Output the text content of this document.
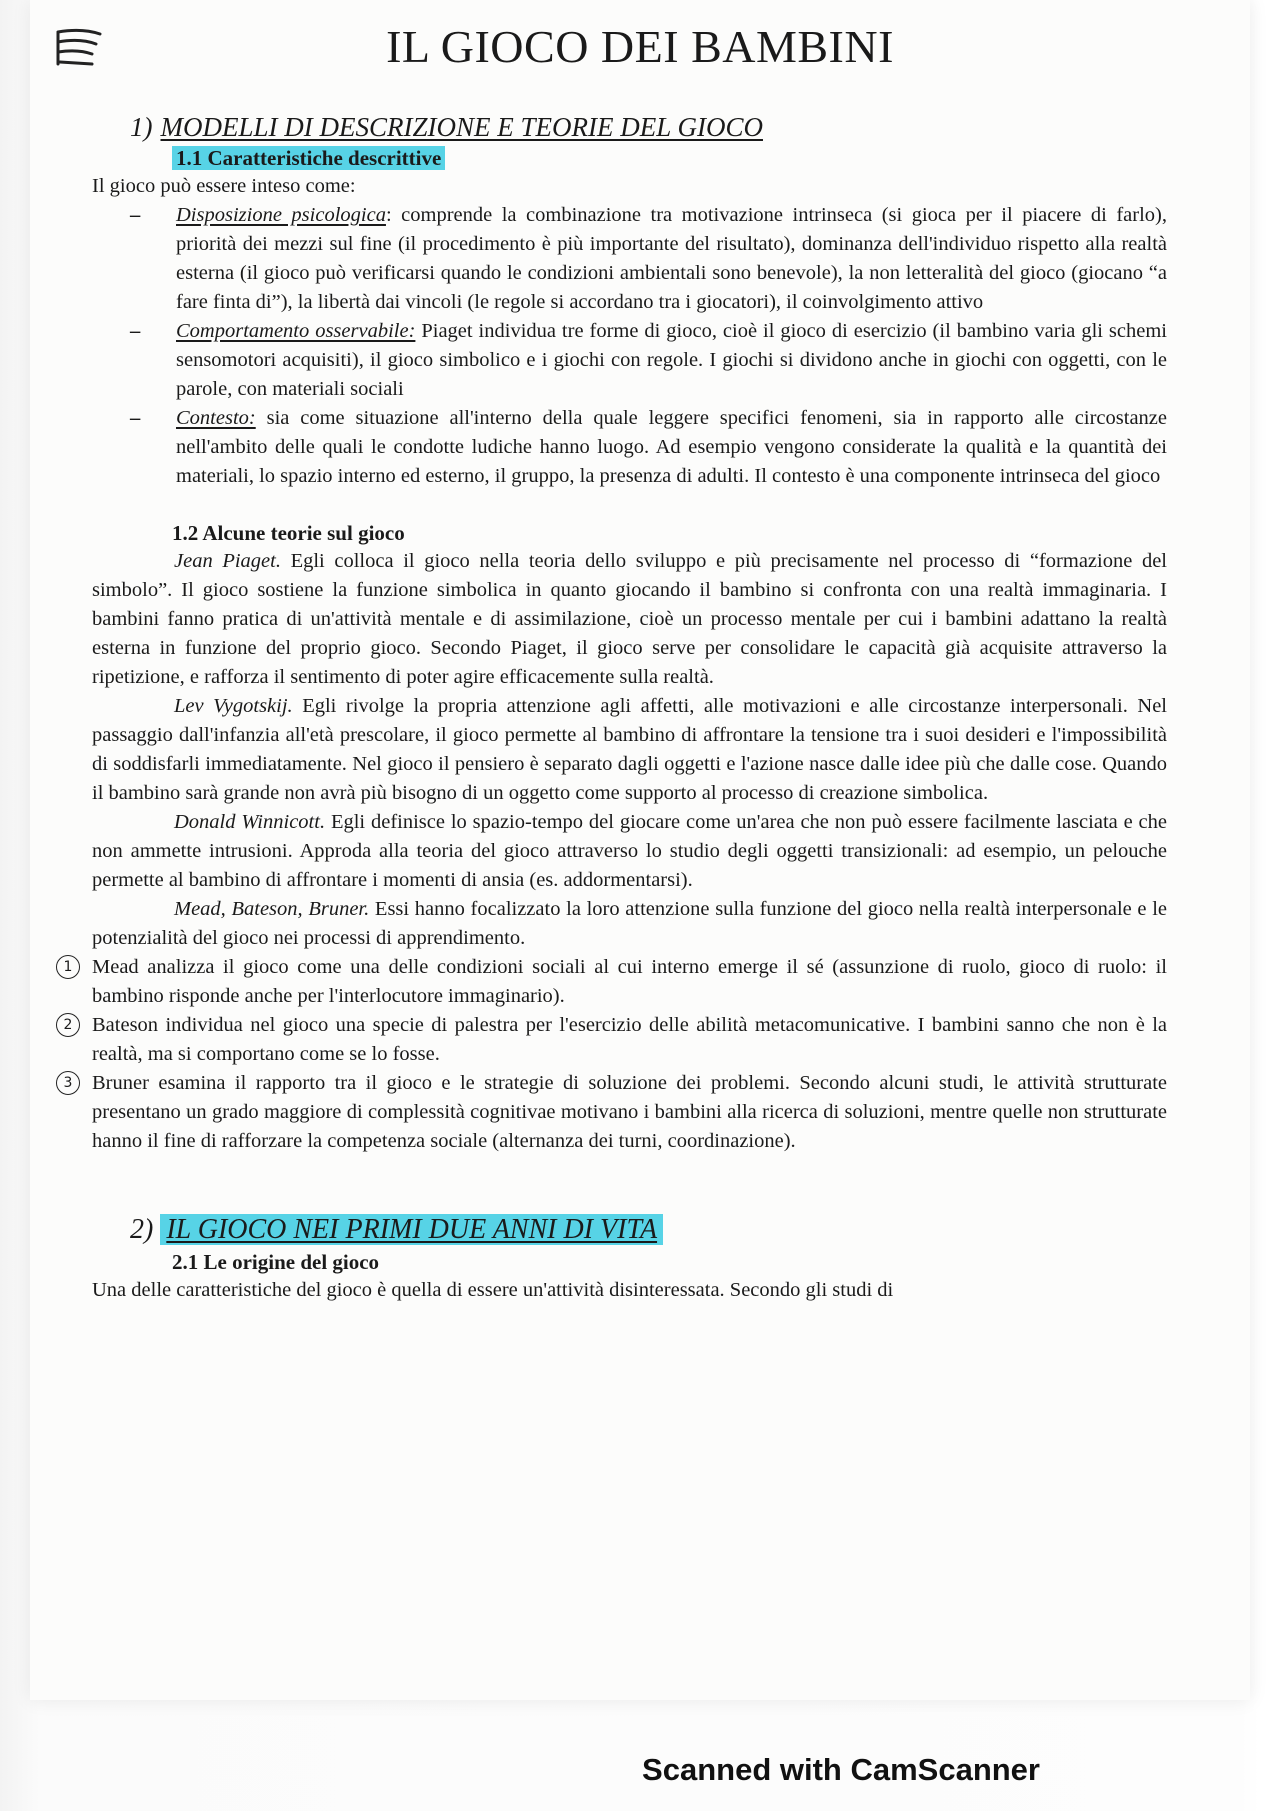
IL GIOCO DEI BAMBINI

1) MODELLI DI DESCRIZIONE E TEORIE DEL GIOCO

1.1 Caratteristiche descrittive

Il gioco può essere inteso come:

– Disposizione psicologica: comprende la combinazione tra motivazione intrinseca (si gioca per il piacere di farlo), priorità dei mezzi sul fine (il procedimento è più importante del risultato), dominanza dell'individuo rispetto alla realtà esterna (il gioco può verificarsi quando le condizioni ambientali sono benevole), la non letteralità del gioco (giocano “a fare finta di”), la libertà dai vincoli (le regole si accordano tra i giocatori), il coinvolgimento attivo
– Comportamento osservabile: Piaget individua tre forme di gioco, cioè il gioco di esercizio (il bambino varia gli schemi sensomotori acquisiti), il gioco simbolico e i giochi con regole. I giochi si dividono anche in giochi con oggetti, con le parole, con materiali sociali
– Contesto: sia come situazione all'interno della quale leggere specifici fenomeni, sia in rapporto alle circostanze nell'ambito delle quali le condotte ludiche hanno luogo. Ad esempio vengono considerate la qualità e la quantità dei materiali, lo spazio interno ed esterno, il gruppo, la presenza di adulti. Il contesto è una componente intrinseca del gioco

1.2 Alcune teorie sul gioco

Jean Piaget. Egli colloca il gioco nella teoria dello sviluppo e più precisamente nel processo di “formazione del simbolo”. Il gioco sostiene la funzione simbolica in quanto giocando il bambino si confronta con una realtà immaginaria. I bambini fanno pratica di un'attività mentale e di assimilazione, cioè un processo mentale per cui i bambini adattano la realtà esterna in funzione del proprio gioco. Secondo Piaget, il gioco serve per consolidare le capacità già acquisite attraverso la ripetizione, e rafforza il sentimento di poter agire efficacemente sulla realtà.

Lev Vygotskij. Egli rivolge la propria attenzione agli affetti, alle motivazioni e alle circostanze interpersonali. Nel passaggio dall'infanzia all'età prescolare, il gioco permette al bambino di affrontare la tensione tra i suoi desideri e l'impossibilità di soddisfarli immediatamente. Nel gioco il pensiero è separato dagli oggetti e l'azione nasce dalle idee più che dalle cose. Quando il bambino sarà grande non avrà più bisogno di un oggetto come supporto al processo di creazione simbolica.

Donald Winnicott. Egli definisce lo spazio-tempo del giocare come un'area che non può essere facilmente lasciata e che non ammette intrusioni. Approda alla teoria del gioco attraverso lo studio degli oggetti transizionali: ad esempio, un pelouche permette al bambino di affrontare i momenti di ansia (es. addormentarsi).

Mead, Bateson, Bruner. Essi hanno focalizzato la loro attenzione sulla funzione del gioco nella realtà interpersonale e le potenzialità del gioco nei processi di apprendimento.

1 Mead analizza il gioco come una delle condizioni sociali al cui interno emerge il sé (assunzione di ruolo, gioco di ruolo: il bambino risponde anche per l'interlocutore immaginario).

2 Bateson individua nel gioco una specie di palestra per l'esercizio delle abilità metacomunicative. I bambini sanno che non è la realtà, ma si comportano come se lo fosse.

3 Bruner esamina il rapporto tra il gioco e le strategie di soluzione dei problemi. Secondo alcuni studi, le attività strutturate presentano un grado maggiore di complessità cognitivae motivano i bambini alla ricerca di soluzioni, mentre quelle non strutturate hanno il fine di rafforzare la competenza sociale (alternanza dei turni, coordinazione).

2) IL GIOCO NEI PRIMI DUE ANNI DI VITA

2.1 Le origine del gioco

Una delle caratteristiche del gioco è quella di essere un'attività disinteressata. Secondo gli studi di

Scanned with CamScanner
